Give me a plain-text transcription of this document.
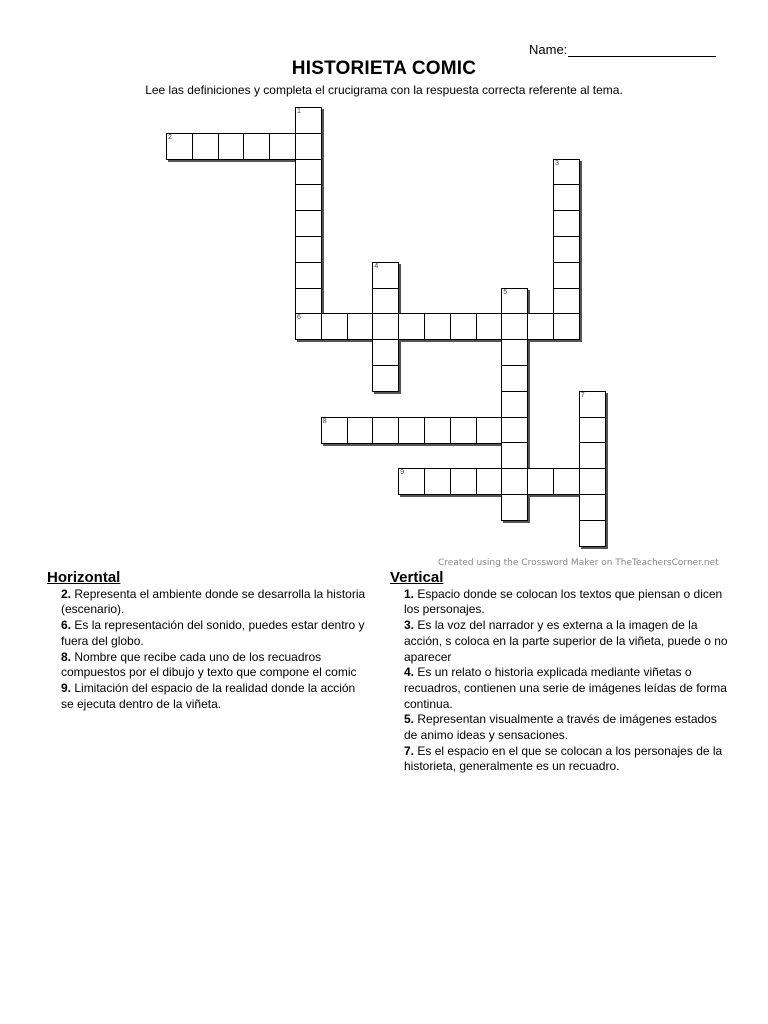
Name:
HISTORIETA COMIC
Lee las definiciones y completa el crucigrama con la respuesta correcta referente al tema.
1
2
3
4
5
6
7
8
9
Created using the Crossword Maker on TheTeachersCorner.net
Horizontal
2. Representa el ambiente donde se desarrolla la historia (escenario).
6. Es la representación del sonido, puedes estar dentro y fuera del globo.
8. Nombre que recibe cada uno de los recuadros compuestos por el dibujo y texto que compone el comic
9. Limitación del espacio de la realidad donde la acción se ejecuta dentro de la viñeta.
Vertical
1. Espacio donde se colocan los textos que piensan o dicen los personajes.
3. Es la voz del narrador y es externa a la imagen de la acción, s coloca en la parte superior de la viñeta, puede o no aparecer
4. Es un relato o historia explicada mediante viñetas o recuadros, contienen una serie de imágenes leídas de forma continua.
5. Representan visualmente a través de imágenes estados de animo ideas y sensaciones.
7. Es el espacio en el que se colocan a los personajes de la historieta, generalmente es un recuadro.
